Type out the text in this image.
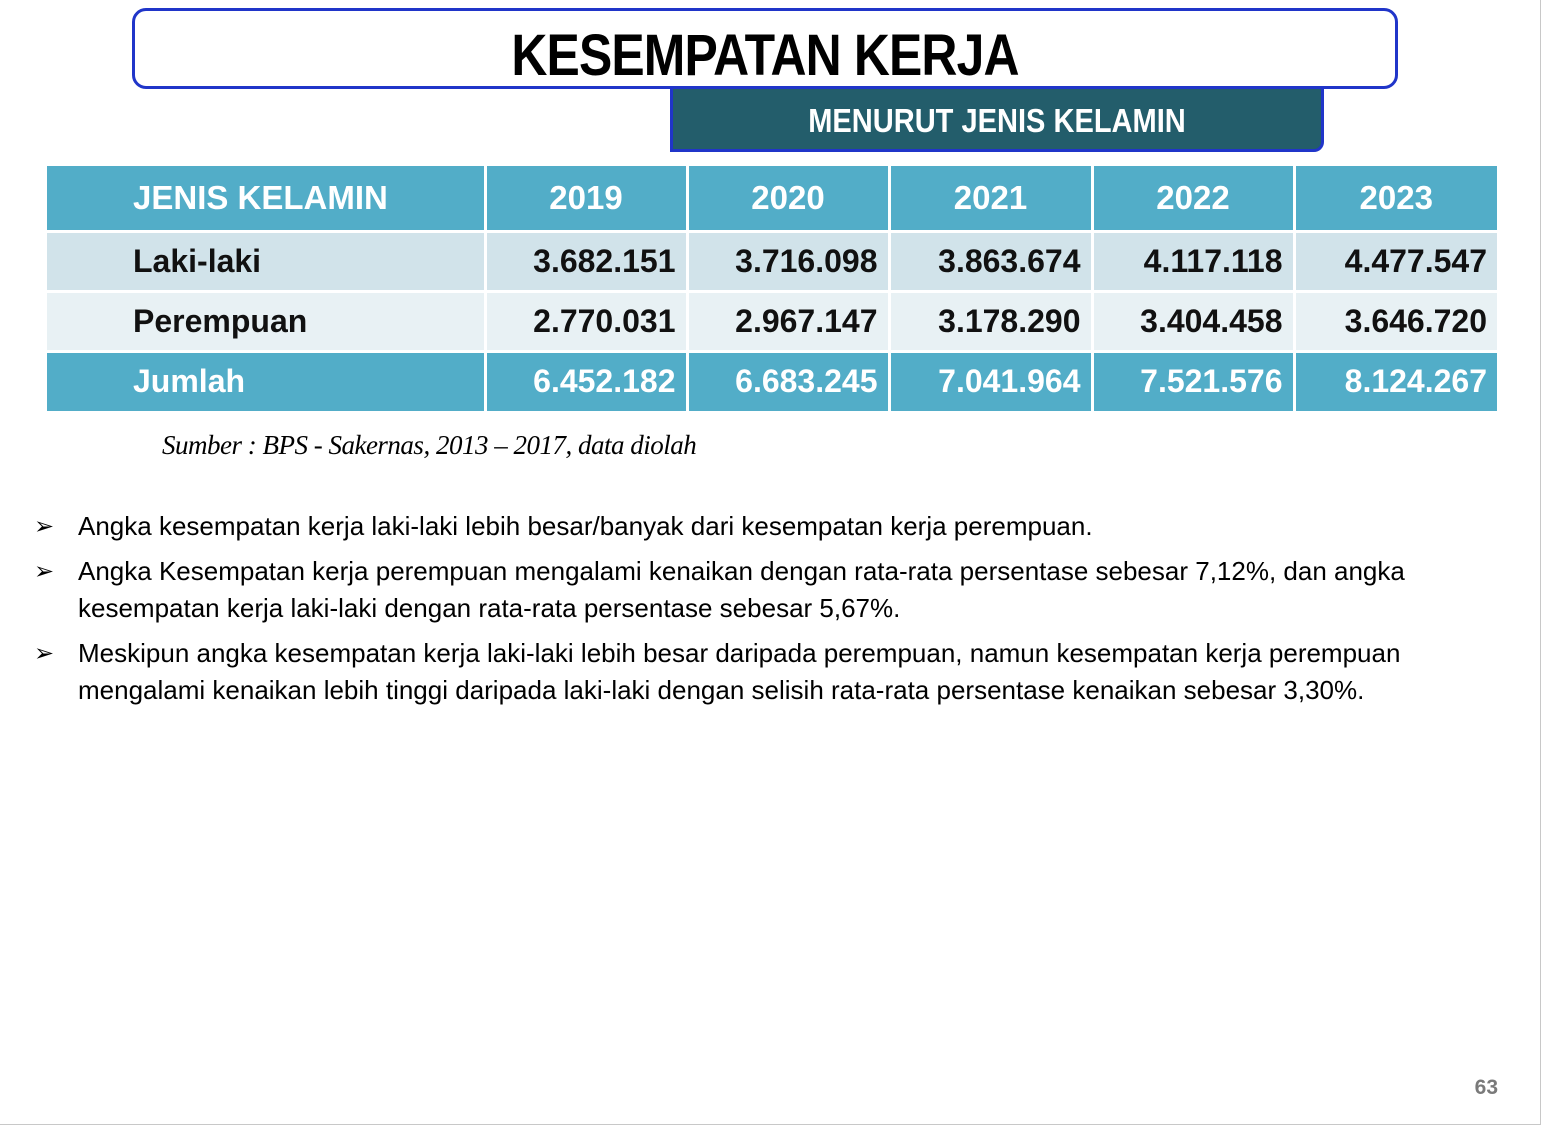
KESEMPATAN KERJA
MENURUT JENIS KELAMIN
JENIS KELAMIN	2019	2020	2021	2022	2023
Laki-laki	3.682.151	3.716.098	3.863.674	4.117.118	4.477.547
Perempuan	2.770.031	2.967.147	3.178.290	3.404.458	3.646.720
Jumlah	6.452.182	6.683.245	7.041.964	7.521.576	8.124.267
Sumber : BPS - Sakernas, 2013 – 2017, data diolah
➢ Angka kesempatan kerja laki-laki lebih besar/banyak dari kesempatan kerja perempuan.
➢ Angka Kesempatan kerja perempuan mengalami kenaikan dengan rata-rata persentase sebesar 7,12%, dan angka kesempatan kerja laki-laki dengan rata-rata persentase sebesar 5,67%.
➢ Meskipun angka kesempatan kerja laki-laki lebih besar daripada perempuan, namun kesempatan kerja perempuan mengalami kenaikan lebih tinggi daripada laki-laki dengan selisih rata-rata persentase kenaikan sebesar 3,30%.
63
